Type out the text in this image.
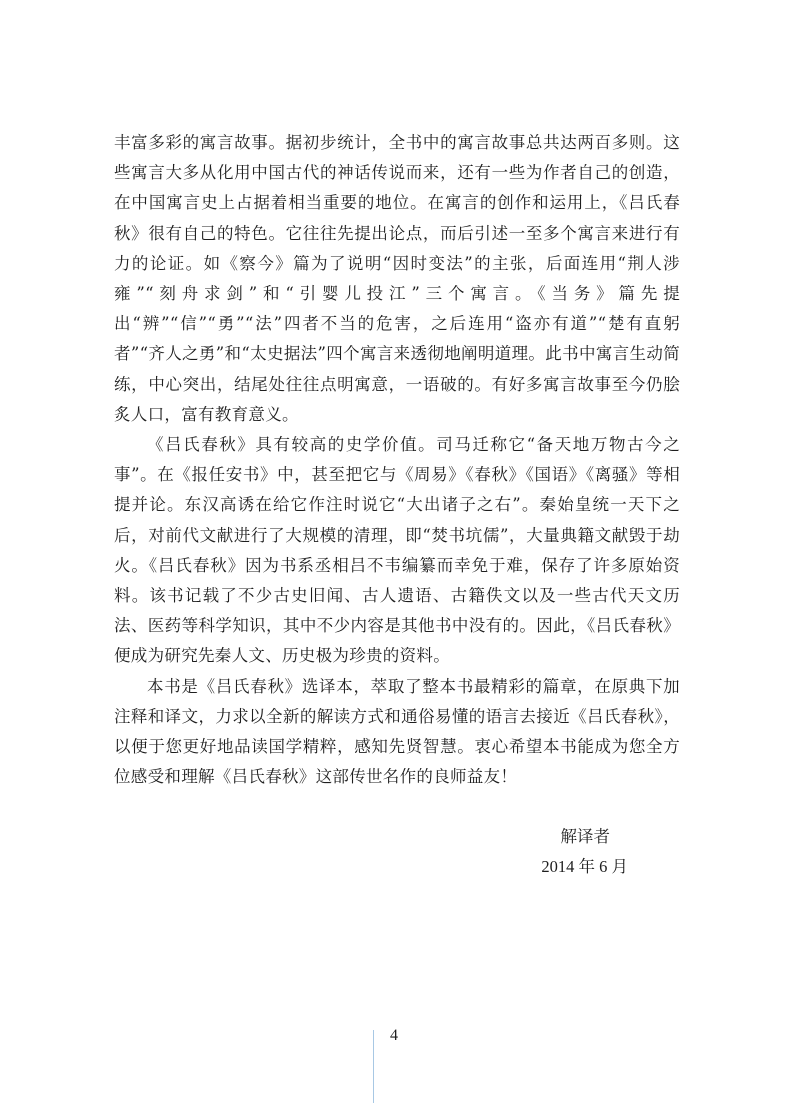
丰富多彩的寓言故事。据初步统计，全书中的寓言故事总共达两百多则。这些寓言大多从化用中国古代的神话传说而来，还有一些为作者自己的创造，在中国寓言史上占据着相当重要的地位。在寓言的创作和运用上，《吕氏春秋》很有自己的特色。它往往先提出论点，而后引述一至多个寓言来进行有力的论证。如《察今》篇为了说明“因时变法”的主张，后面连用“荆人涉雍”“刻舟求剑”和“引婴儿投江”三个寓言。《当务》篇先提出“辨”“信”“勇”“法”四者不当的危害，之后连用“盗亦有道”“楚有直躬者”“齐人之勇”和“太史据法”四个寓言来透彻地阐明道理。此书中寓言生动简练，中心突出，结尾处往往点明寓意，一语破的。有好多寓言故事至今仍脍炙人口，富有教育意义。

《吕氏春秋》具有较高的史学价值。司马迁称它“备天地万物古今之事”。在《报任安书》中，甚至把它与《周易》《春秋》《国语》《离骚》等相提并论。东汉高诱在给它作注时说它“大出诸子之右”。秦始皇统一天下之后，对前代文献进行了大规模的清理，即“焚书坑儒”，大量典籍文献毁于劫火。《吕氏春秋》因为书系丞相吕不韦编纂而幸免于难，保存了许多原始资料。该书记载了不少古史旧闻、古人遗语、古籍佚文以及一些古代天文历法、医药等科学知识，其中不少内容是其他书中没有的。因此，《吕氏春秋》便成为研究先秦人文、历史极为珍贵的资料。

本书是《吕氏春秋》选译本，萃取了整本书最精彩的篇章，在原典下加注释和译文，力求以全新的解读方式和通俗易懂的语言去接近《吕氏春秋》，以便于您更好地品读国学精粹，感知先贤智慧。衷心希望本书能成为您全方位感受和理解《吕氏春秋》这部传世名作的良师益友！

解译者
2014 年 6 月
4
